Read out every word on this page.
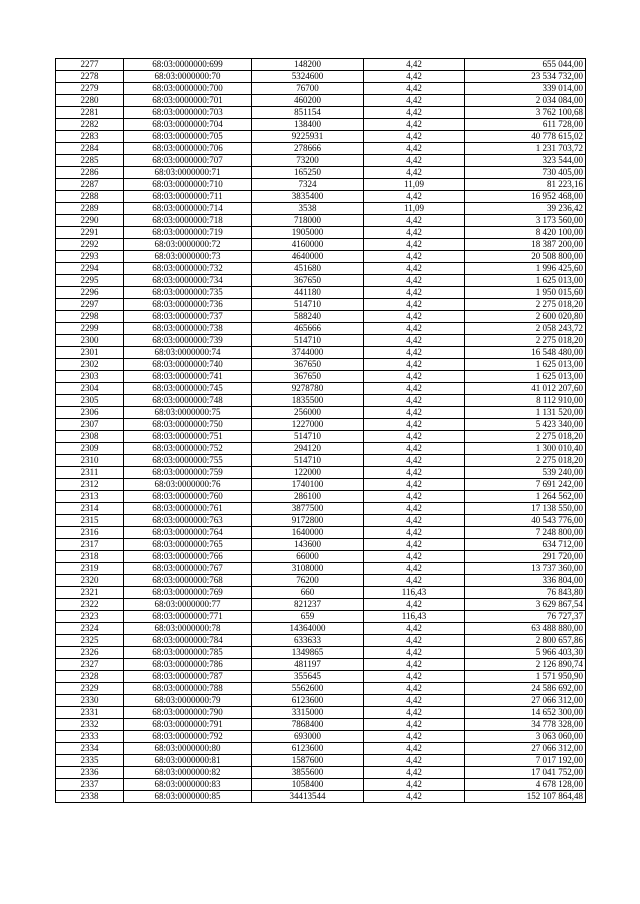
2277	68:03:0000000:699	148200	4,42	655 044,00
2278	68:03:0000000:70	5324600	4,42	23 534 732,00
2279	68:03:0000000:700	76700	4,42	339 014,00
2280	68:03:0000000:701	460200	4,42	2 034 084,00
2281	68:03:0000000:703	851154	4,42	3 762 100,68
2282	68:03:0000000:704	138400	4,42	611 728,00
2283	68:03:0000000:705	9225931	4,42	40 778 615,02
2284	68:03:0000000:706	278666	4,42	1 231 703,72
2285	68:03:0000000:707	73200	4,42	323 544,00
2286	68:03:0000000:71	165250	4,42	730 405,00
2287	68:03:0000000:710	7324	11,09	81 223,16
2288	68:03:0000000:711	3835400	4,42	16 952 468,00
2289	68:03:0000000:714	3538	11,09	39 236,42
2290	68:03:0000000:718	718000	4,42	3 173 560,00
2291	68:03:0000000:719	1905000	4,42	8 420 100,00
2292	68:03:0000000:72	4160000	4,42	18 387 200,00
2293	68:03:0000000:73	4640000	4,42	20 508 800,00
2294	68:03:0000000:732	451680	4,42	1 996 425,60
2295	68:03:0000000:734	367650	4,42	1 625 013,00
2296	68:03:0000000:735	441180	4,42	1 950 015,60
2297	68:03:0000000:736	514710	4,42	2 275 018,20
2298	68:03:0000000:737	588240	4,42	2 600 020,80
2299	68:03:0000000:738	465666	4,42	2 058 243,72
2300	68:03:0000000:739	514710	4,42	2 275 018,20
2301	68:03:0000000:74	3744000	4,42	16 548 480,00
2302	68:03:0000000:740	367650	4,42	1 625 013,00
2303	68:03:0000000:741	367650	4,42	1 625 013,00
2304	68:03:0000000:745	9278780	4,42	41 012 207,60
2305	68:03:0000000:748	1835500	4,42	8 112 910,00
2306	68:03:0000000:75	256000	4,42	1 131 520,00
2307	68:03:0000000:750	1227000	4,42	5 423 340,00
2308	68:03:0000000:751	514710	4,42	2 275 018,20
2309	68:03:0000000:752	294120	4,42	1 300 010,40
2310	68:03:0000000:755	514710	4,42	2 275 018,20
2311	68:03:0000000:759	122000	4,42	539 240,00
2312	68:03:0000000:76	1740100	4,42	7 691 242,00
2313	68:03:0000000:760	286100	4,42	1 264 562,00
2314	68:03:0000000:761	3877500	4,42	17 138 550,00
2315	68:03:0000000:763	9172800	4,42	40 543 776,00
2316	68:03:0000000:764	1640000	4,42	7 248 800,00
2317	68:03:0000000:765	143600	4,42	634 712,00
2318	68:03:0000000:766	66000	4,42	291 720,00
2319	68:03:0000000:767	3108000	4,42	13 737 360,00
2320	68:03:0000000:768	76200	4,42	336 804,00
2321	68:03:0000000:769	660	116,43	76 843,80
2322	68:03:0000000:77	821237	4,42	3 629 867,54
2323	68:03:0000000:771	659	116,43	76 727,37
2324	68:03:0000000:78	14364000	4,42	63 488 880,00
2325	68:03:0000000:784	633633	4,42	2 800 657,86
2326	68:03:0000000:785	1349865	4,42	5 966 403,30
2327	68:03:0000000:786	481197	4,42	2 126 890,74
2328	68:03:0000000:787	355645	4,42	1 571 950,90
2329	68:03:0000000:788	5562600	4,42	24 586 692,00
2330	68:03:0000000:79	6123600	4,42	27 066 312,00
2331	68:03:0000000:790	3315000	4,42	14 652 300,00
2332	68:03:0000000:791	7868400	4,42	34 778 328,00
2333	68:03:0000000:792	693000	4,42	3 063 060,00
2334	68:03:0000000:80	6123600	4,42	27 066 312,00
2335	68:03:0000000:81	1587600	4,42	7 017 192,00
2336	68:03:0000000:82	3855600	4,42	17 041 752,00
2337	68:03:0000000:83	1058400	4,42	4 678 128,00
2338	68:03:0000000:85	34413544	4,42	152 107 864,48
